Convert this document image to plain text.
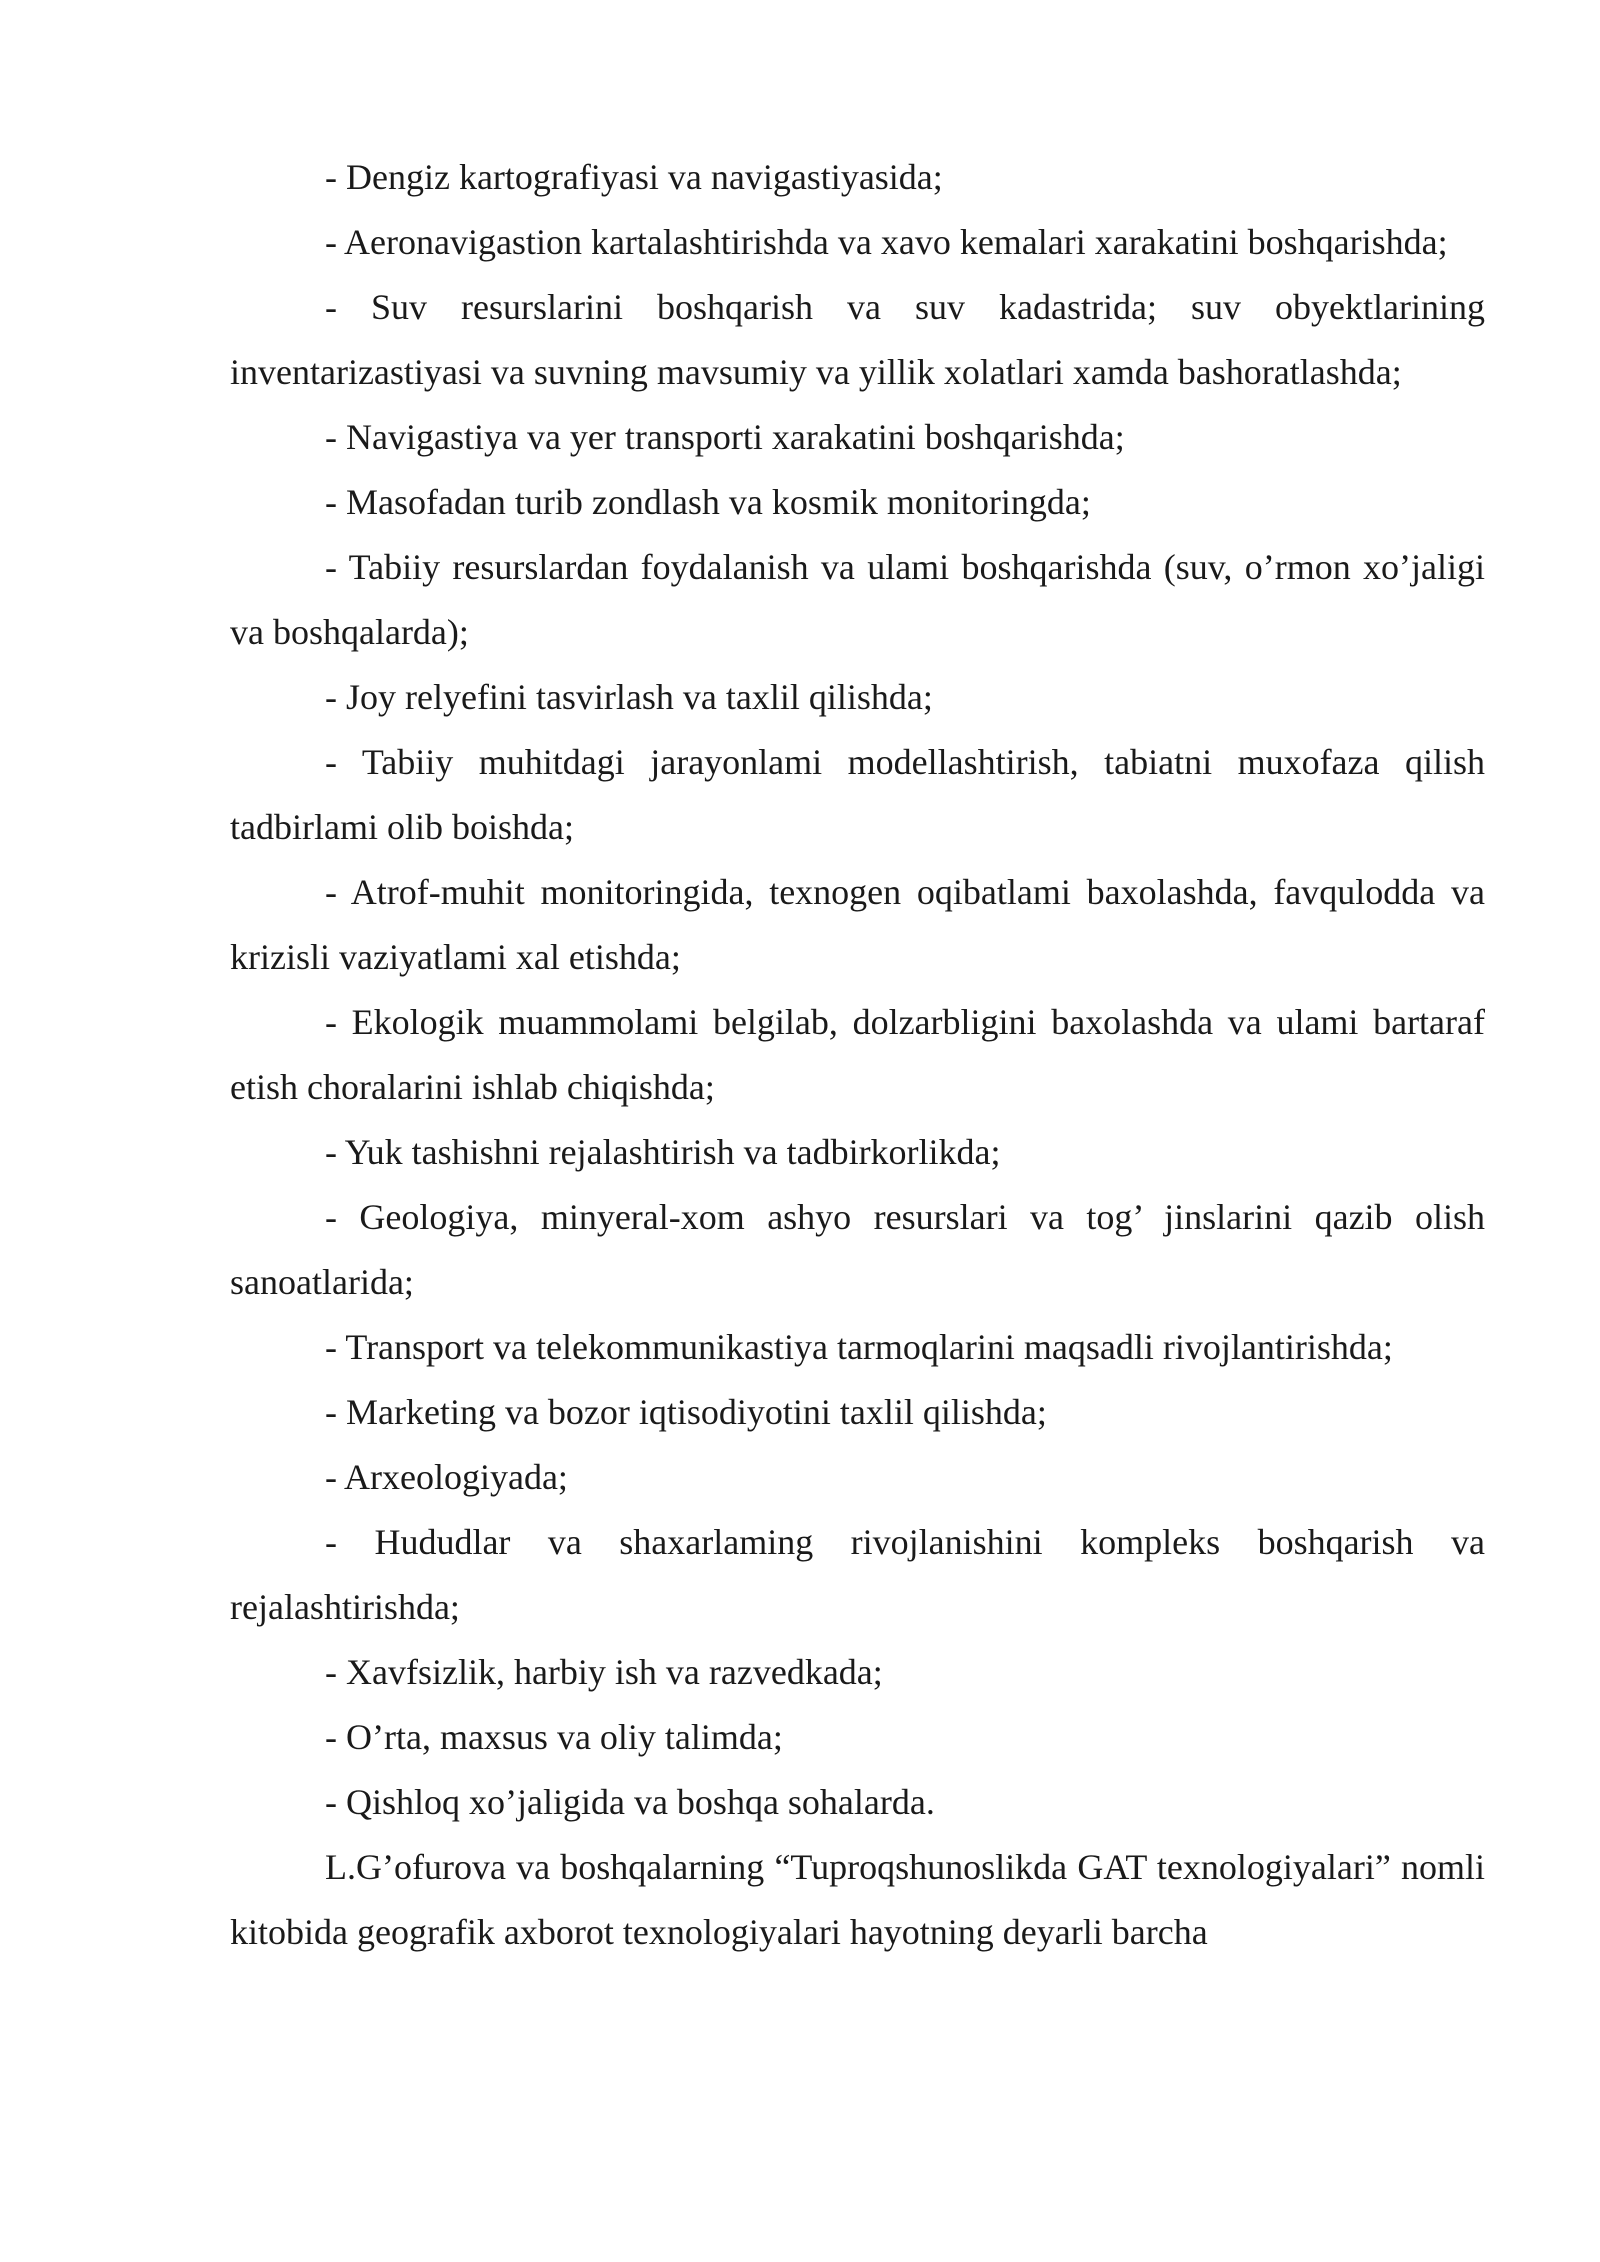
- Dengiz kartografiyasi va navigastiyasida;

- Aeronavigastion kartalashtirishda va xavo kemalari xarakatini boshqarishda;

- Suv resurslarini boshqarish va suv kadastrida; suv obyektlarining inventarizastiyasi va suvning mavsumiy va yillik xolatlari xamda bashoratlashda;

- Navigastiya va yer transporti xarakatini boshqarishda;

- Masofadan turib zondlash va kosmik monitoringda;

- Tabiiy resurslardan foydalanish va ulami boshqarishda (suv, o’rmon xo’jaligi va boshqalarda);

- Joy relyefini tasvirlash va taxlil qilishda;

- Tabiiy muhitdagi jarayonlami modellashtirish, tabiatni muxofaza qilish tadbirlami olib boishda;

- Atrof-muhit monitoringida, texnogen oqibatlami baxolashda, favqulodda va krizisli vaziyatlami xal etishda;

- Ekologik muammolami belgilab, dolzarbligini baxolashda va ulami bartaraf etish choralarini ishlab chiqishda;

- Yuk tashishni rejalashtirish va tadbirkorlikda;

- Geologiya, minyeral-xom ashyo resurslari va tog’ jinslarini qazib olish sanoatlarida;

- Transport va telekommunikastiya tarmoqlarini maqsadli rivojlantirishda;

- Marketing va bozor iqtisodiyotini taxlil qilishda;

- Arxeologiyada;

- Hududlar va shaxarlaming rivojlanishini kompleks boshqarish va rejalashtirishda;

- Xavfsizlik, harbiy ish va razvedkada;

- O’rta, maxsus va oliy talimda;

- Qishloq xo’jaligida va boshqa sohalarda.

L.G’ofurova va boshqalarning “Tuproqshunoslikda GAT texnologiyalari” nomli kitobida geografik axborot texnologiyalari hayotning deyarli barcha
